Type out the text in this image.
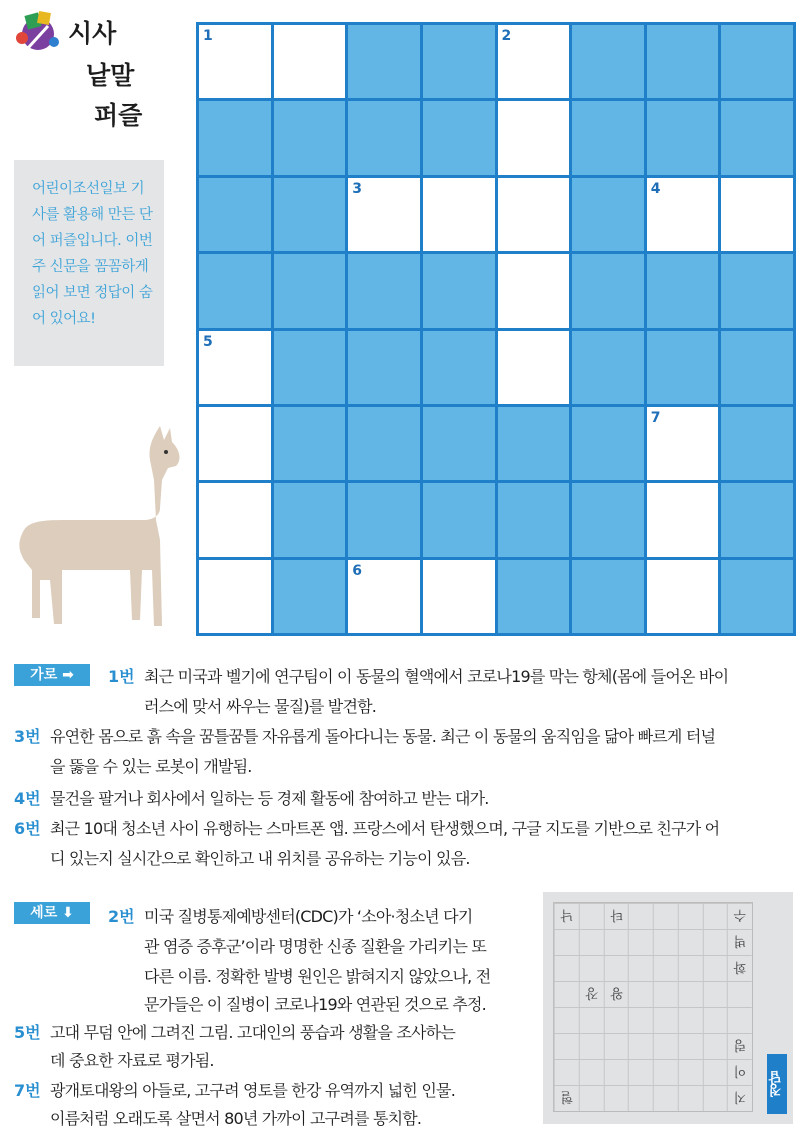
시사
낱말
퍼즐
어린이조선일보 기사를 활용해 만든 단어 퍼즐입니다. 이번 주 신문을 꼼꼼하게 읽어 보면 정답이 숨어 있어요!
1	2
3	4
5
7
6
가로 ➡	1번 최근 미국과 벨기에 연구팀이 이 동물의 혈액에서 코로나19를 막는 항체(몸에 들어온 바이
러스에 맞서 싸우는 물질)를 발견함.
3번 유연한 몸으로 흙 속을 꿈틀꿈틀 자유롭게 돌아다니는 동물. 최근 이 동물의 움직임을 닮아 빠르게 터널
을 뚫을 수 있는 로봇이 개발됨.
4번 물건을 팔거나 회사에서 일하는 등 경제 활동에 참여하고 받는 대가.
6번 최근 10대 청소년 사이 유행하는 스마트폰 앱. 프랑스에서 탄생했으며, 구글 지도를 기반으로 친구가 어
디 있는지 실시간으로 확인하고 내 위치를 공유하는 기능이 있음.
세로 ⬇	2번 미국 질병통제예방센터(CDC)가 ‘소아·청소년 다기
관 염증 증후군’이라 명명한 신종 질환을 가리키는 또
다른 이름. 정확한 발병 원인은 밝혀지지 않았으나, 전
문가들은 이 질병이 코로나19와 연관된 것으로 추정.
5번 고대 무덤 안에 그려진 그림. 고대인의 풍습과 생활을 조사하는
데 중요한 자료로 평가됨.
7번 광개토대왕의 아들로, 고구려 영토를 한강 유역까지 넓힌 인물.
이름처럼 오래도록 살면서 80년 가까이 고구려를 통치함.
낙	타	수
벽
화
장 왕
렁
이
혈	지	정답
